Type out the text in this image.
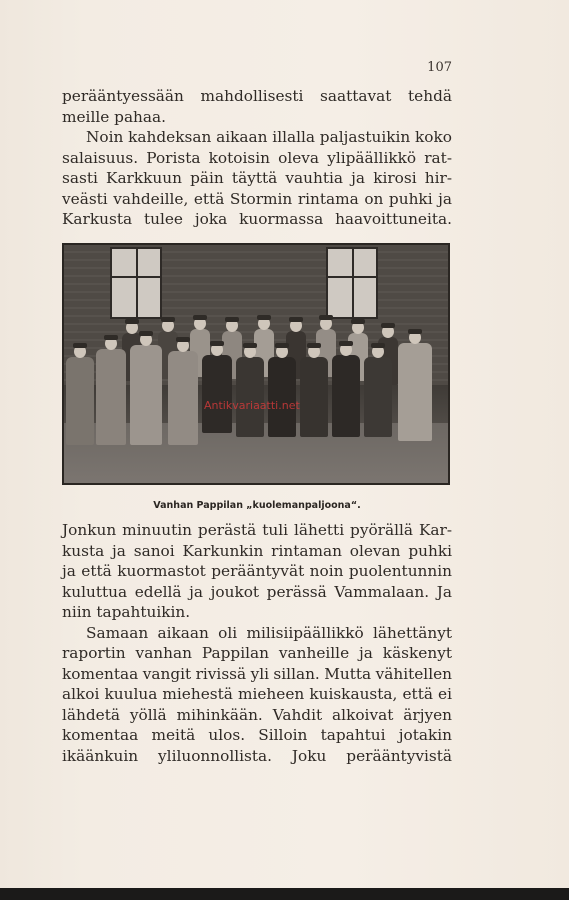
107

perääntyessään mahdollisesti saattavat tehdä
meille pahaa.
Noin kahdeksan aikaan illalla paljastuikin koko
salaisuus. Porista kotoisin oleva ylipäällikkö rat-
sasti Karkkuun päin täyttä vauhtia ja kirosi hir-
veästi vahdeille, että Stormin rintama on puhki ja
Karkusta tulee joka kuormassa haavoittuneita.

Antikvariaatti.net
Vanhan Pappilan „kuolemanpaljoona“.

Jonkun minuutin perästä tuli lähetti pyörällä Kar-
kusta ja sanoi Karkunkin rintaman olevan puhki
ja että kuormastot perääntyvät noin puolentunnin
kuluttua edellä ja joukot perässä Vammalaan. Ja
niin tapahtuikin.
Samaan aikaan oli milisiipäällikkö lähettänyt
raportin vanhan Pappilan vanheille ja käskenyt
komentaa vangit rivissä yli sillan. Mutta vähitellen
alkoi kuulua miehestä mieheen kuiskausta, että ei
lähdetä yöllä mihinkään. Vahdit alkoivat ärjyen
komentaa meitä ulos. Silloin tapahtui jotakin
ikäänkuin yliluonnollista. Joku perääntyvistä
